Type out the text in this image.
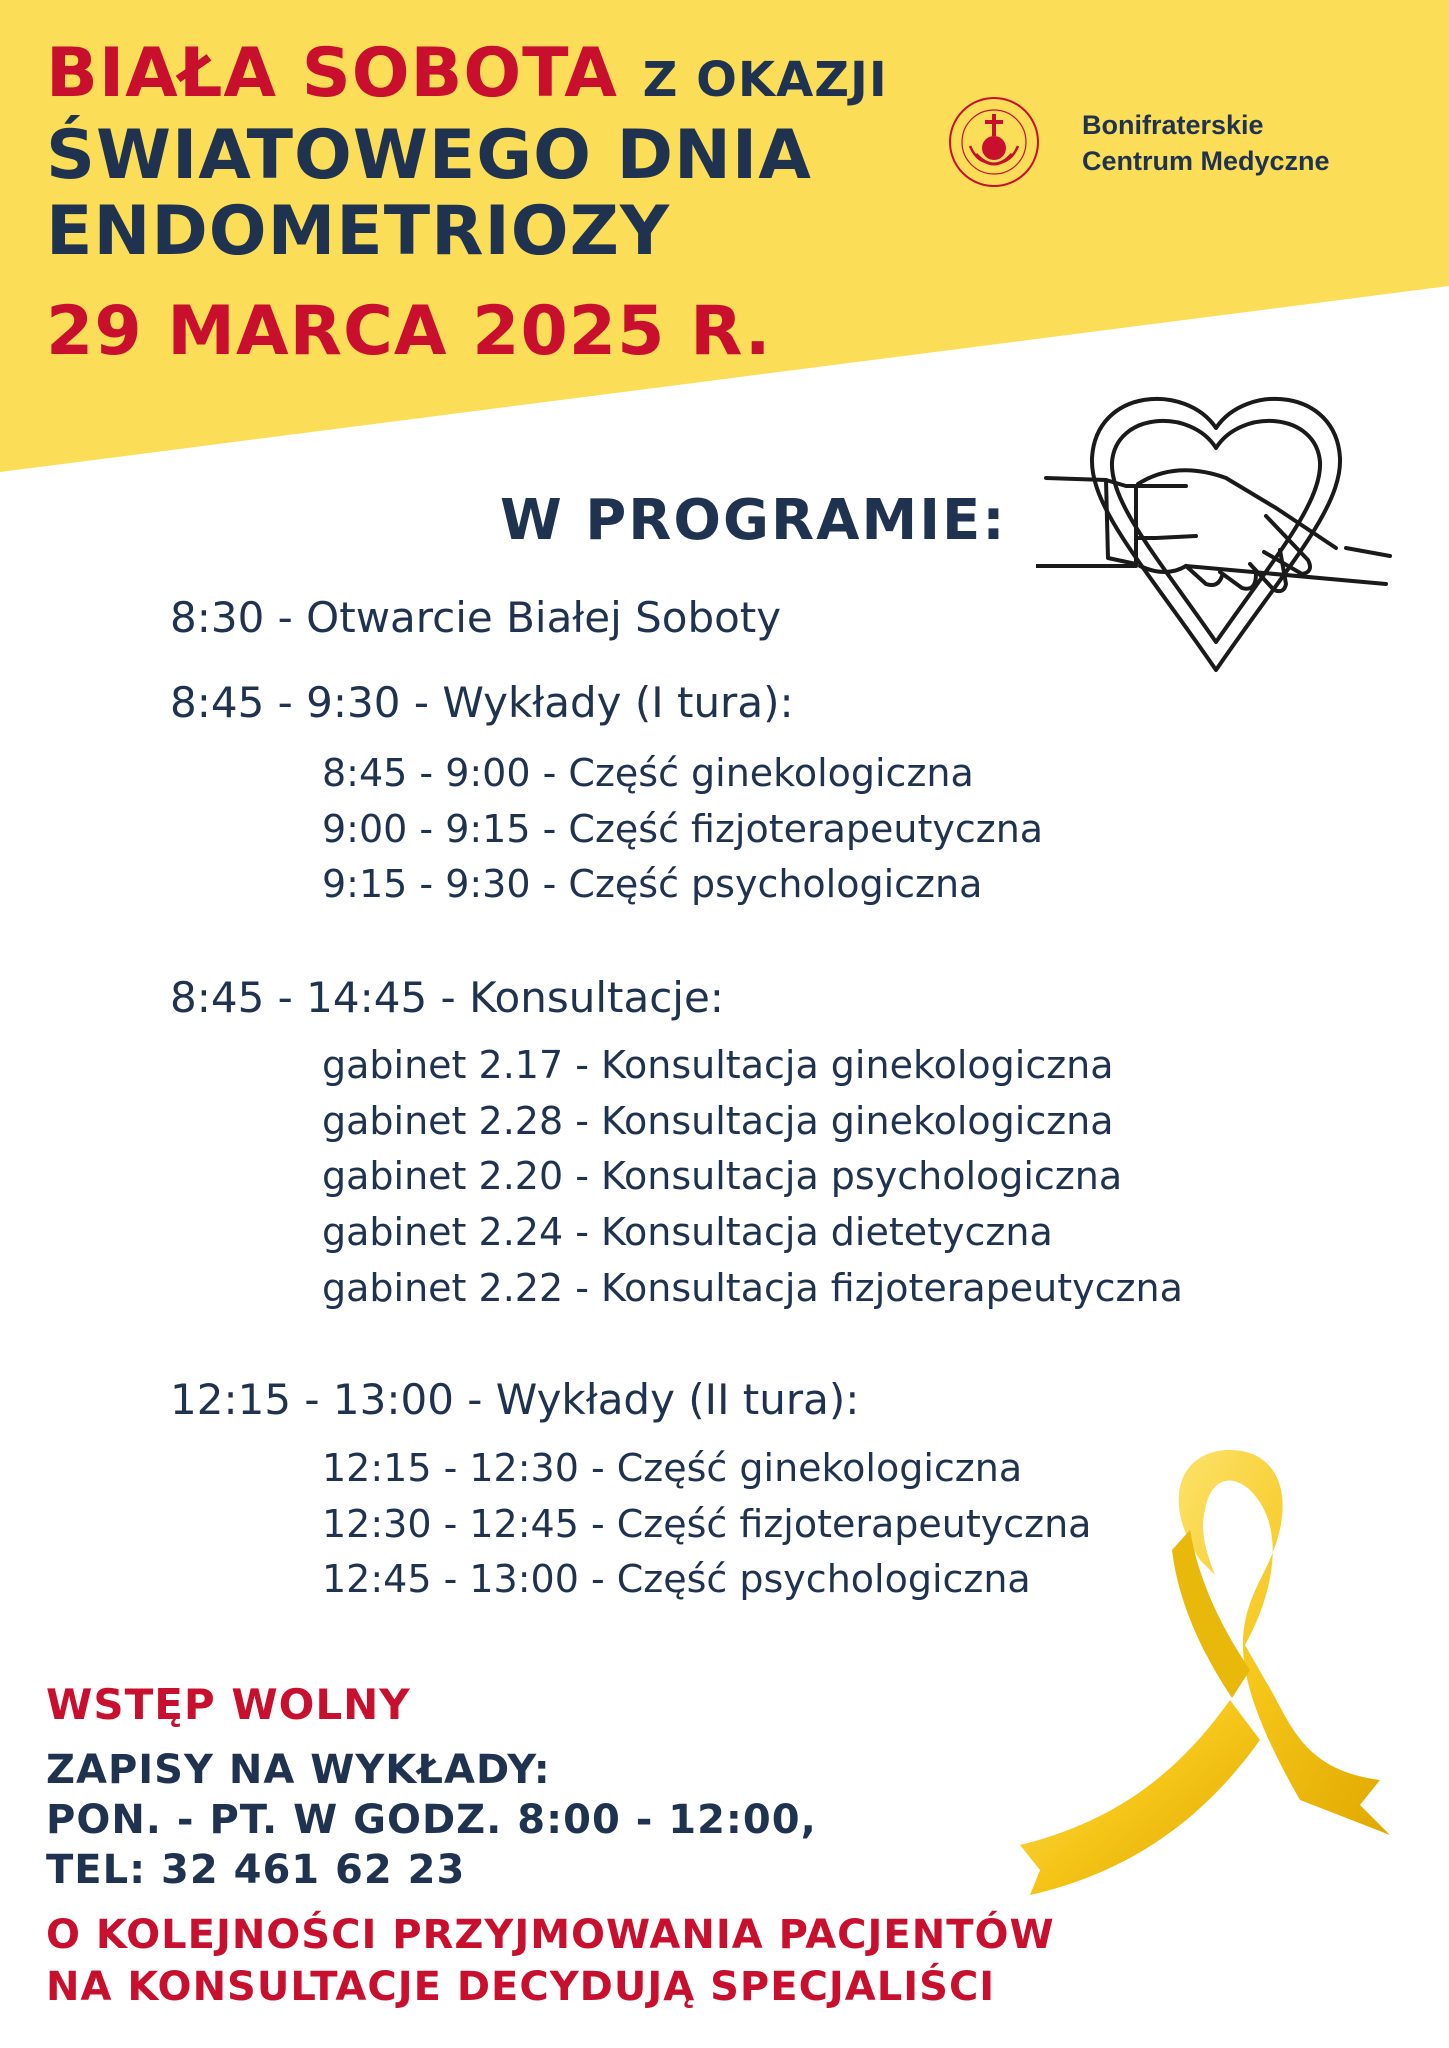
BIAŁA SOBOTA Z OKAZJI
ŚWIATOWEGO DNIA
ENDOMETRIOZY
29 MARCA 2025 R.
Bonifraterskie
Centrum Medyczne
W PROGRAMIE:
8:30 - Otwarcie Białej Soboty
8:45 - 9:30 - Wykłady (I tura):
8:45 - 9:00 - Część ginekologiczna
9:00 - 9:15 - Część fizjoterapeutyczna
9:15 - 9:30 - Część psychologiczna
8:45 - 14:45 - Konsultacje:
gabinet 2.17 - Konsultacja ginekologiczna
gabinet 2.28 - Konsultacja ginekologiczna
gabinet 2.20 - Konsultacja psychologiczna
gabinet 2.24 - Konsultacja dietetyczna
gabinet 2.22 - Konsultacja fizjoterapeutyczna
12:15 - 13:00 - Wykłady (II tura):
12:15 - 12:30 - Część ginekologiczna
12:30 - 12:45 - Część fizjoterapeutyczna
12:45 - 13:00 - Część psychologiczna
WSTĘP WOLNY
ZAPISY NA WYKŁADY:
PON. - PT. W GODZ. 8:00 - 12:00,
TEL: 32 461 62 23
O KOLEJNOŚCI PRZYJMOWANIA PACJENTÓW
NA KONSULTACJE DECYDUJĄ SPECJALIŚCI
